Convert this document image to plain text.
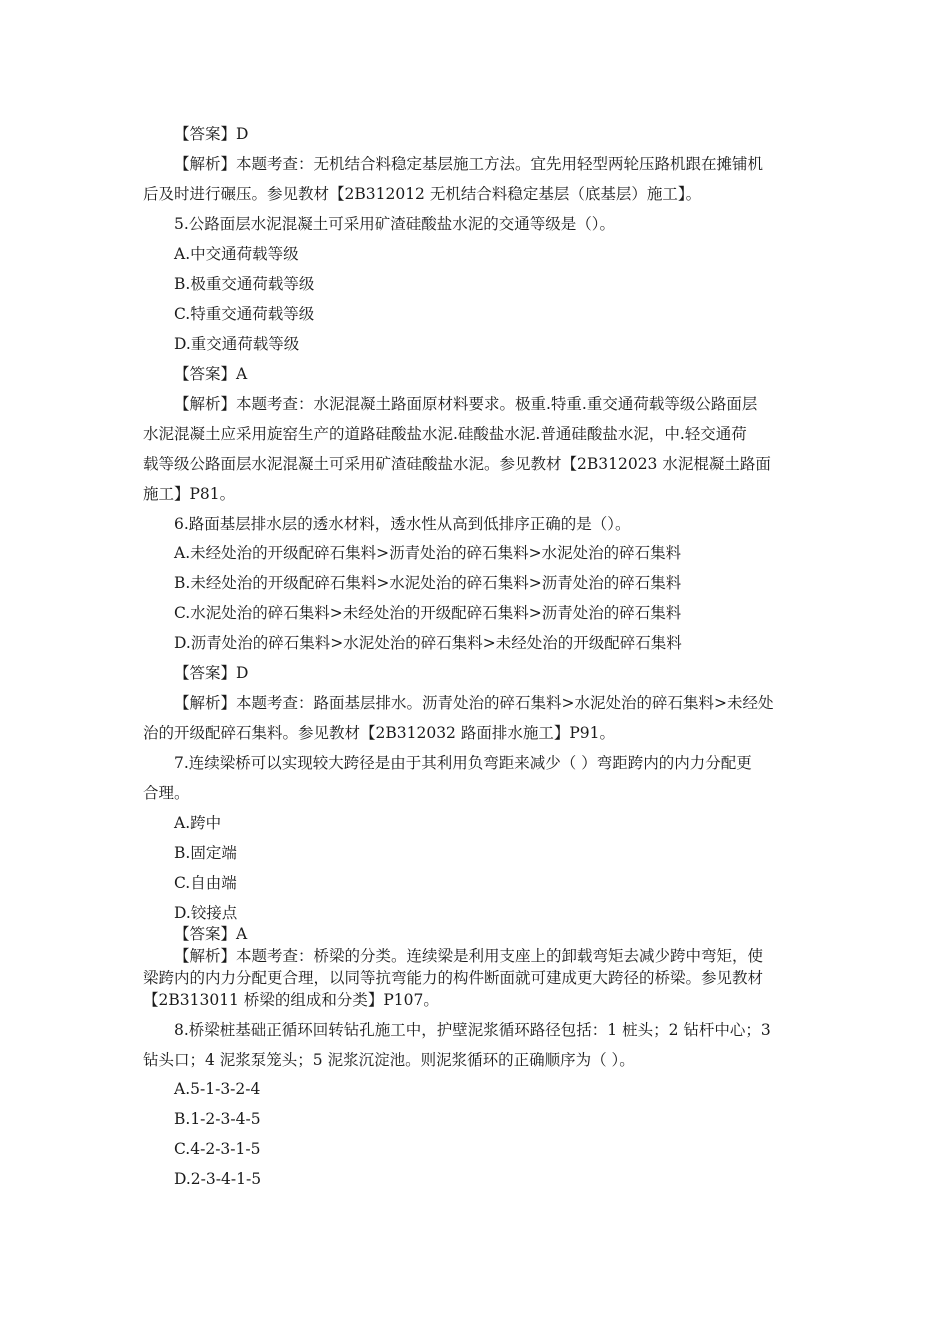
【答案】D
【解析】本题考查：无机结合料稳定基层施工方法。宜先用轻型两轮压路机跟在摊铺机
后及时进行碾压。参见教材【2B312012 无机结合料稳定基层（底基层）施工】。
5.公路面层水泥混凝土可采用矿渣硅酸盐水泥的交通等级是（）。
A.中交通荷载等级
B.极重交通荷载等级
C.特重交通荷载等级
D.重交通荷载等级
【答案】A
【解析】本题考查：水泥混凝土路面原材料要求。极重.特重.重交通荷载等级公路面层
水泥混凝土应采用旋窑生产的道路硅酸盐水泥.硅酸盐水泥.普通硅酸盐水泥，中.轻交通荷
载等级公路面层水泥混凝土可采用矿渣硅酸盐水泥。参见教材【2B312023 水泥棍凝土路面
施工】P81。
6.路面基层排水层的透水材料，透水性从高到低排序正确的是（）。
A.未经处治的开级配碎石集料>沥青处治的碎石集料>水泥处治的碎石集料
B.未经处治的开级配碎石集料>水泥处治的碎石集料>沥青处治的碎石集料
C.水泥处治的碎石集料>未经处治的开级配碎石集料>沥青处治的碎石集料
D.沥青处治的碎石集料>水泥处治的碎石集料>未经处治的开级配碎石集料
【答案】D
【解析】本题考查：路面基层排水。沥青处治的碎石集料>水泥处治的碎石集料>未经处
治的开级配碎石集料。参见教材【2B312032 路面排水施工】P91。
7.连续梁桥可以实现较大跨径是由于其利用负弯距来减少（ ）弯距跨内的内力分配更
合理。
A.跨中
B.固定端
C.自由端
D.铰接点
【答案】A
【解析】本题考查：桥梁的分类。连续梁是利用支座上的卸载弯矩去减少跨中弯矩，使
梁跨内的内力分配更合理，以同等抗弯能力的构件断面就可建成更大跨径的桥梁。参见教材
【2B313011 桥梁的组成和分类】P107。
8.桥梁桩基础正循环回转钻孔施工中，护壁泥浆循环路径包括：1 桩头；2 钻杆中心；3
钻头口；4 泥浆泵笼头；5 泥浆沉淀池。则泥浆循环的正确顺序为（ ）。
A.5-1-3-2-4
B.1-2-3-4-5
C.4-2-3-1-5
D.2-3-4-1-5
